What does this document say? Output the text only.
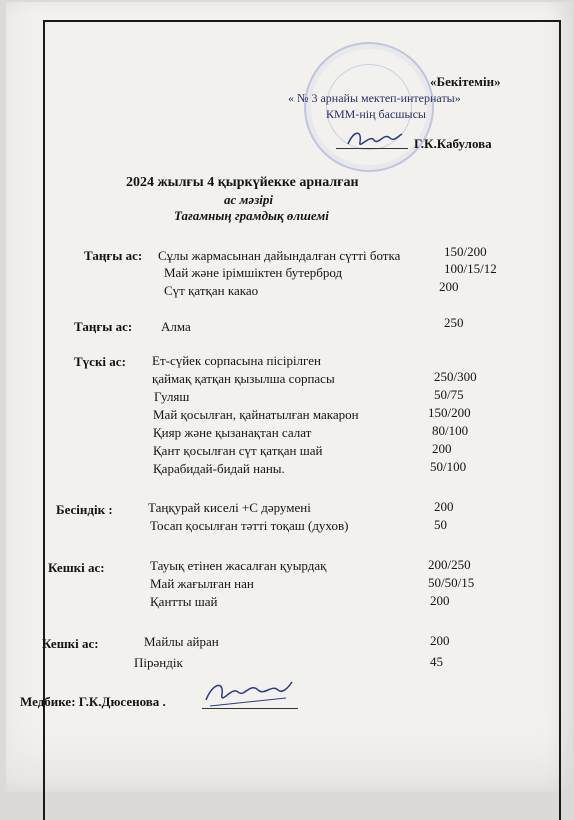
«Бекітемін»
« № 3 арнайы мектеп-интернаты»
КММ-нің басшысы
Г.К.Кабулова
2024 жылғы 4 қыркүйекке арналған
ас мәзірі
Тағамның грамдық өлшемі
Таңғы ас: Сұлы жармасынан дайындалған сүтті ботка	150/200
Май және ірімшіктен бутерброд	100/15/12
Сүт қатқан какао	200
Таңғы ас: Алма	250
Түскі ас: Ет-сүйек сорпасына пісірілген
қаймақ қатқан қызылша сорпасы	250/300
Гуляш	50/75
Май қосылған, қайнатылған макарон	150/200
Қияр және қызанақтан салат	80/100
Қант қосылған сүт қатқан шай	200
Қарабидай-бидай наны.	50/100
Бесіндік :	Таңқурай киселі +С дәрумені	200
Тосап қосылған тәтті тоқаш (духов)	50
Кешкі ас:	Тауық етінен жасалған қуырдақ	200/250
Май жағылған нан	50/50/15
Қантты шай	200
Кешкі ас:	Майлы айран	200
Пірәндік	45
Медбике: Г.К.Дюсенова .
